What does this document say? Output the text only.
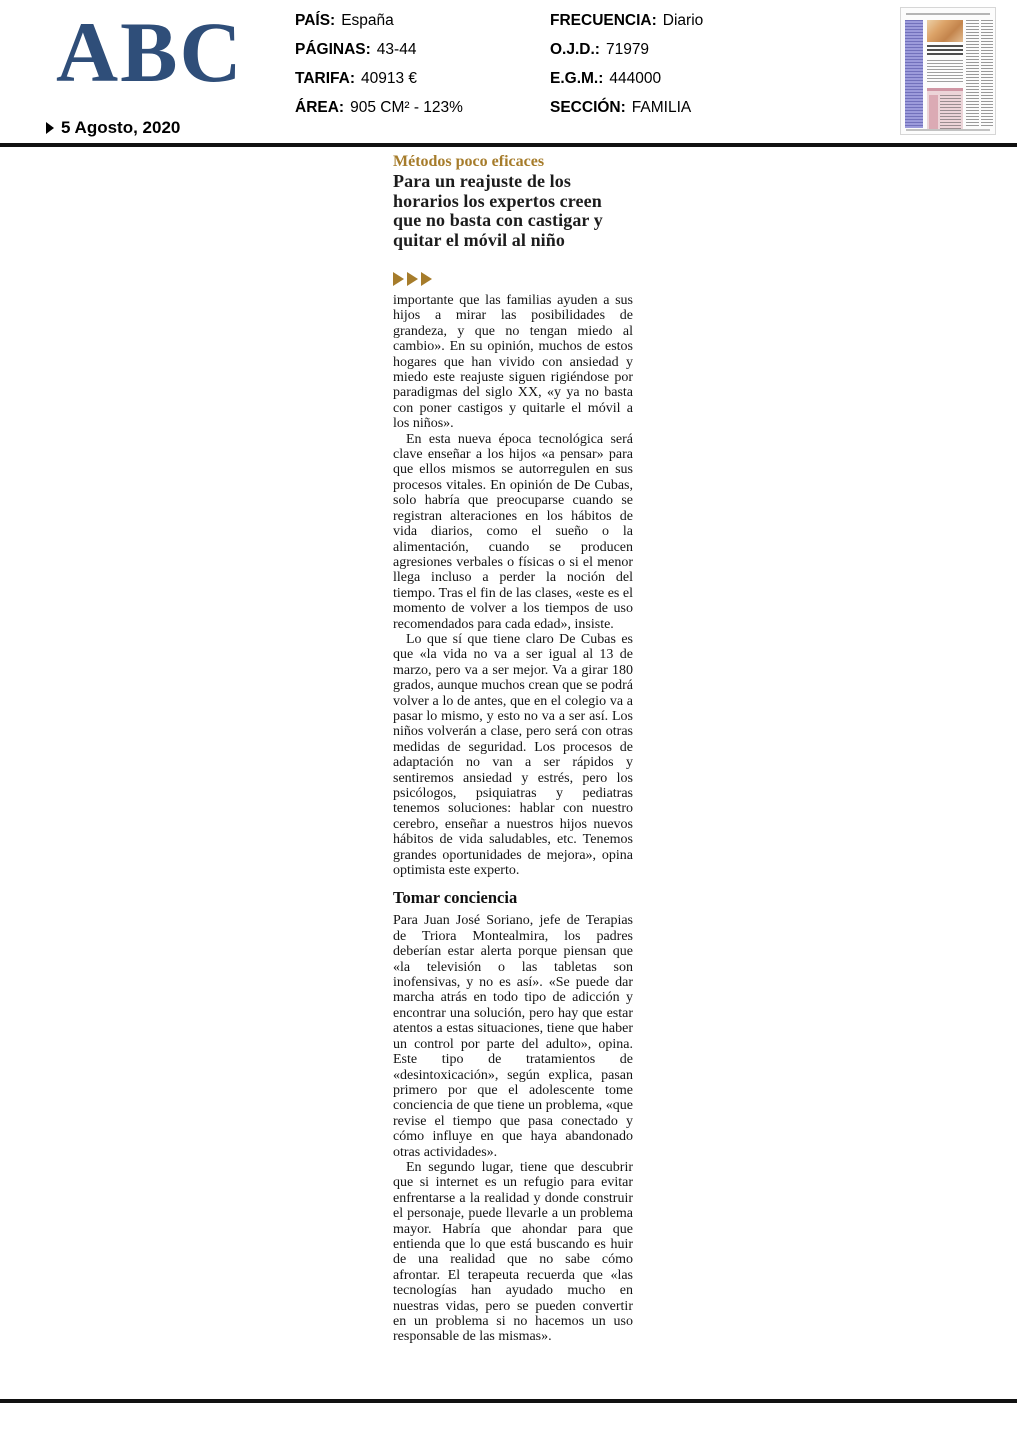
ABC
5 Agosto, 2020
PAÍS: España
PÁGINAS: 43-44
TARIFA: 40913 €
ÁREA: 905 CM² - 123%
FRECUENCIA: Diario
O.J.D.: 71979
E.G.M.: 444000
SECCIÓN: FAMILIA
Métodos poco eficaces
Para un reajuste de los horarios los expertos creen que no basta con castigar y quitar el móvil al niño

importante que las familias ayuden a sus hijos a mirar las posibilidades de grandeza, y que no tengan miedo al cambio». En su opinión, muchos de estos hogares que han vivido con ansiedad y miedo este reajuste siguen rigiéndose por paradigmas del siglo XX, «y ya no basta con poner castigos y quitarle el móvil a los niños».

En esta nueva época tecnológica será clave enseñar a los hijos «a pensar» para que ellos mismos se autorregulen en sus procesos vitales. En opinión de De Cubas, solo habría que preocuparse cuando se registran alteraciones en los hábitos de vida diarios, como el sueño o la alimentación, cuando se producen agresiones verbales o físicas o si el menor llega incluso a perder la noción del tiempo. Tras el fin de las clases, «este es el momento de volver a los tiempos de uso recomendados para cada edad», insiste.

Lo que sí que tiene claro De Cubas es que «la vida no va a ser igual al 13 de marzo, pero va a ser mejor. Va a girar 180 grados, aunque muchos crean que se podrá volver a lo de antes, que en el colegio va a pasar lo mismo, y esto no va a ser así. Los niños volverán a clase, pero será con otras medidas de seguridad. Los procesos de adaptación no van a ser rápidos y sentiremos ansiedad y estrés, pero los psicólogos, psiquiatras y pediatras tenemos soluciones: hablar con nuestro cerebro, enseñar a nuestros hijos nuevos hábitos de vida saludables, etc. Tenemos grandes oportunidades de mejora», opina optimista este experto.

Tomar conciencia

Para Juan José Soriano, jefe de Terapias de Triora Montealmira, los padres deberían estar alerta porque piensan que «la televisión o las tabletas son inofensivas, y no es así». «Se puede dar marcha atrás en todo tipo de adicción y encontrar una solución, pero hay que estar atentos a estas situaciones, tiene que haber un control por parte del adulto», opina. Este tipo de tratamientos de «desintoxicación», según explica, pasan primero por que el adolescente tome conciencia de que tiene un problema, «que revise el tiempo que pasa conectado y cómo influye en que haya abandonado otras actividades».

En segundo lugar, tiene que descubrir que si internet es un refugio para evitar enfrentarse a la realidad y donde construir el personaje, puede llevarle a un problema mayor. Habría que ahondar para que entienda que lo que está buscando es huir de una realidad que no sabe cómo afrontar. El terapeuta recuerda que «las tecnologías han ayudado mucho en nuestras vidas, pero se pueden convertir en un problema si no hacemos un uso responsable de las mismas».
